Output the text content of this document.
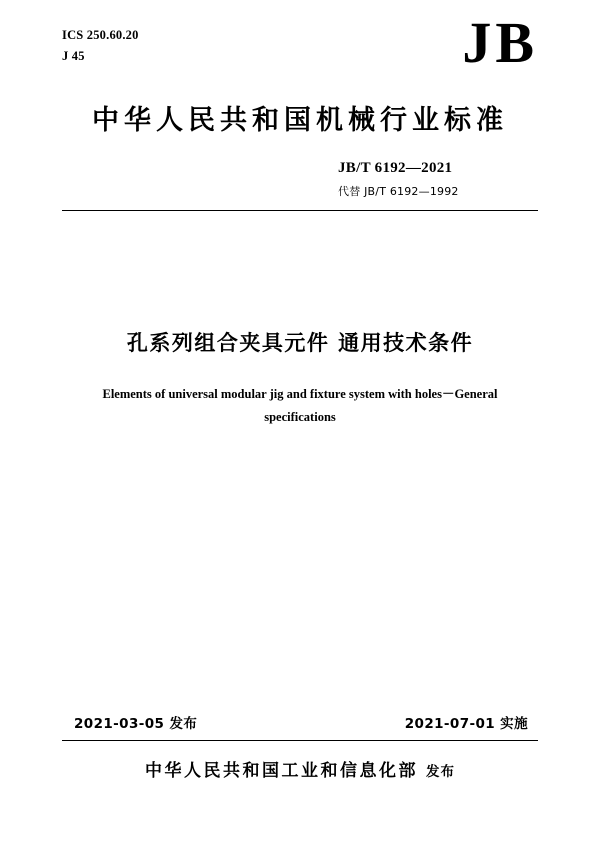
ICS 250.60.20
J 45	JB
中华人民共和国机械行业标准
JB/T 6192—2021
代替 JB/T 6192—1992
孔系列组合夹具元件 通用技术条件
Elements of universal modular jig and fixture system with holes－General
specifications
2021-03-05 发布	2021-07-01 实施
中华人民共和国工业和信息化部 发布
